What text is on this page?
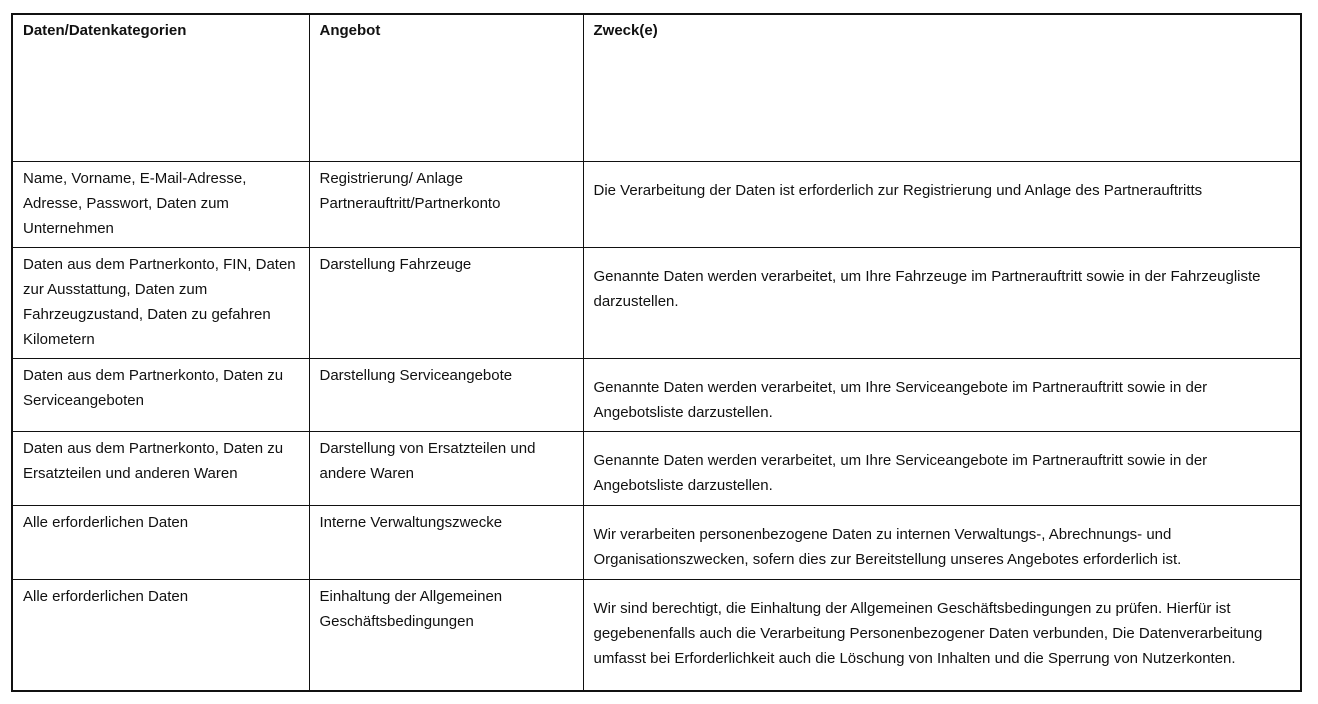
Daten/Datenkategorien	Angebot	Zweck(e)
Name, Vorname, E-Mail-Adresse, Adresse, Passwort, Daten zum Unternehmen	Registrierung/ Anlage Partnerauftritt/Partnerkonto	Die Verarbeitung der Daten ist erforderlich zur Registrierung und Anlage des Partnerauftritts
Daten aus dem Partnerkonto, FIN, Daten zur Ausstattung, Daten zum Fahrzeugzustand, Daten zu gefahren Kilometern	Darstellung Fahrzeuge	Genannte Daten werden verarbeitet, um Ihre Fahrzeuge im Partnerauftritt sowie in der Fahrzeugliste darzustellen.
Daten aus dem Partnerkonto, Daten zu Serviceangeboten	Darstellung Serviceangebote	Genannte Daten werden verarbeitet, um Ihre Serviceangebote im Partnerauftritt sowie in der Angebotsliste darzustellen.
Daten aus dem Partnerkonto, Daten zu Ersatzteilen und anderen Waren	Darstellung von Ersatzteilen und andere Waren	Genannte Daten werden verarbeitet, um Ihre Serviceangebote im Partnerauftritt sowie in der Angebotsliste darzustellen.
Alle erforderlichen Daten	Interne Verwaltungszwecke	Wir verarbeiten personenbezogene Daten zu internen Verwaltungs-, Abrechnungs- und Organisationszwecken, sofern dies zur Bereitstellung unseres Angebotes erforderlich ist.
Alle erforderlichen Daten	Einhaltung der Allgemeinen Geschäftsbedingungen	Wir sind berechtigt, die Einhaltung der Allgemeinen Geschäftsbedingungen zu prüfen. Hierfür ist gegebenenfalls auch die Verarbeitung Personenbezogener Daten verbunden, Die Datenverarbeitung umfasst bei Erforderlichkeit auch die Löschung von Inhalten und die Sperrung von Nutzerkonten.
